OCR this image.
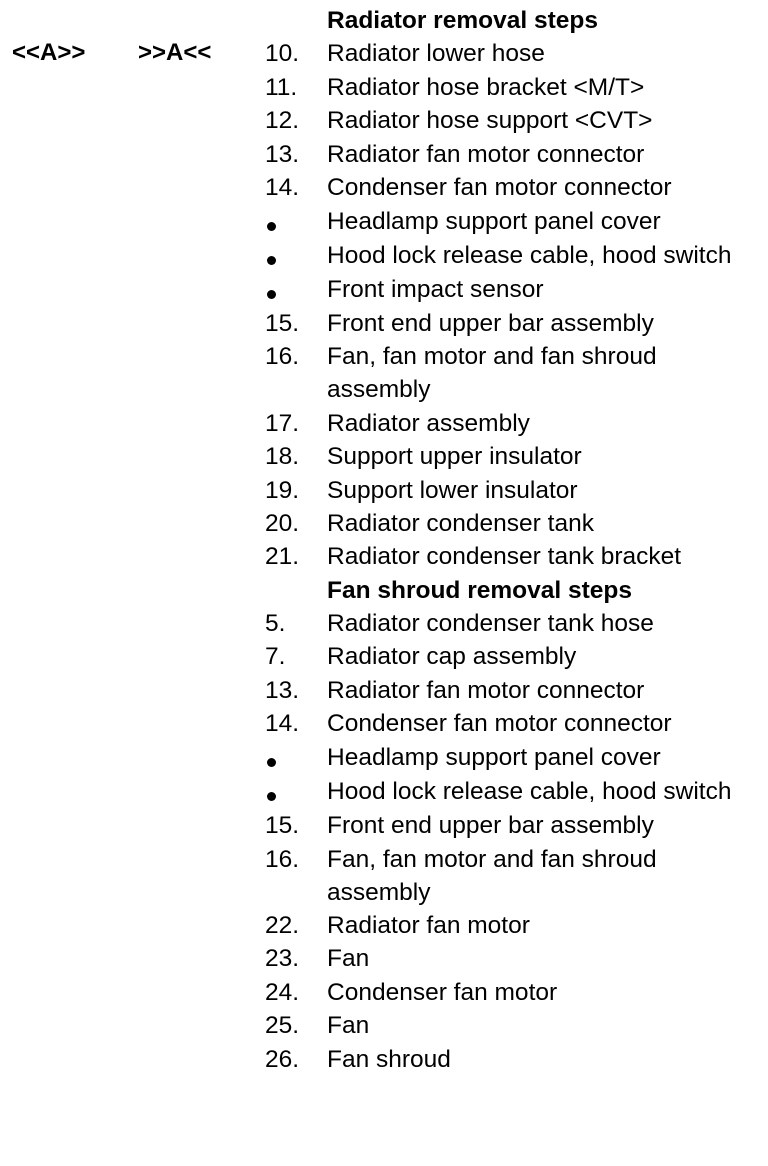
<<A>> >>A<<
Radiator removal steps
10.	Radiator lower hose
11.	Radiator hose bracket <M/T>
12.	Radiator hose support <CVT>
13.	Radiator fan motor connector
14.	Condenser fan motor connector
Headlamp support panel cover
Hood lock release cable, hood switch
Front impact sensor
15.	Front end upper bar assembly
16.	Fan, fan motor and fan shroud assembly
17.	Radiator assembly
18.	Support upper insulator
19.	Support lower insulator
20.	Radiator condenser tank
21.	Radiator condenser tank bracket
Fan shroud removal steps
5.	Radiator condenser tank hose
7.	Radiator cap assembly
13.	Radiator fan motor connector
14.	Condenser fan motor connector
Headlamp support panel cover
Hood lock release cable, hood switch
15.	Front end upper bar assembly
16.	Fan, fan motor and fan shroud assembly
22.	Radiator fan motor
23.	Fan
24.	Condenser fan motor
25.	Fan
26.	Fan shroud
